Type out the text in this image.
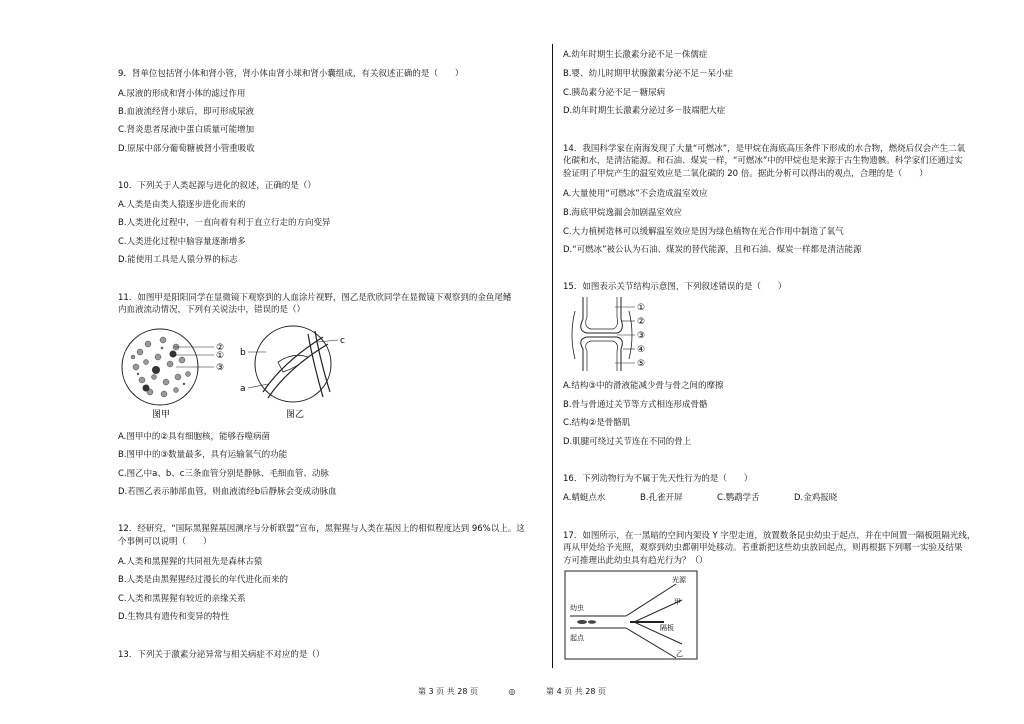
9．肾单位包括肾小体和肾小管，肾小体由肾小球和肾小囊组成，有关叙述正确的是（　　）
A.尿液的形成和肾小体的滤过作用
B.血液流经肾小球后，即可形成尿液
C.肾炎患者尿液中蛋白质量可能增加
D.原尿中部分葡萄糖被肾小管重吸收
10．下列关于人类起源与进化的叙述，正确的是（）
A.人类是由类人猿逐步进化而来的
B.人类进化过程中，一直向着有利于直立行走的方向变异
C.人类进化过程中脑容量逐渐增多
D.能使用工具是人猿分界的标志
11．如图甲是阳阳同学在显微镜下观察到的人血涂片视野，图乙是欣欣同学在显微镜下观察到的金鱼尾鳍
内血液流动情况，下列有关说法中，错误的是（）
②
①
③
图甲
b
a
c
图乙
A.图甲中的②具有细胞核，能够吞噬病菌
B.图甲中的③数量最多，具有运输氧气的功能
C.图乙中a、b、c三条血管分别是静脉、毛细血管、动脉
D.若图乙表示肺部血管，则血液流经b后静脉会变成动脉血
12．经研究，“国际黑猩猩基因测序与分析联盟”宣布，黑猩猩与人类在基因上的相似程度达到 96%以上。这
个事例可以说明（　　）
A.人类和黑猩猩的共同祖先是森林古猿
B.人类是由黑猩猩经过漫长的年代进化而来的
C.人类和黑猩猩有较近的亲缘关系
D.生物具有遗传和变异的特性
13．下列关于激素分泌异常与相关病症不对应的是（）
A.幼年时期生长激素分泌不足－侏儒症
B.婴、幼儿时期甲状腺激素分泌不足－呆小症
C.胰岛素分泌不足－糖尿病
D.幼年时期生长激素分泌过多－肢端肥大症
14．我国科学家在南海发现了大量“可燃冰”，是甲烷在海底高压条件下形成的水合物，燃烧后仅会产生二氧
化碳和水，是清洁能源。和石油、煤炭一样，“可燃冰”中的甲烷也是来源于古生物遗骸。科学家们还通过实
验证明了甲烷产生的温室效应是二氧化碳的 20 倍。据此分析可以得出的观点，合理的是（　　）
A.大量使用“可燃冰”不会造成温室效应
B.海底甲烷逸漏会加剧温室效应
C.大力植树造林可以缓解温室效应是因为绿色植物在光合作用中制造了氧气
D.“可燃冰”被公认为石油、煤炭的替代能源，且和石油、煤炭一样都是清洁能源
15．如图表示关节结构示意图，下列叙述错误的是（　　）
①
②
③
④
⑤
A.结构③中的滑液能减少骨与骨之间的摩擦
B.骨与骨通过关节等方式相连形成骨骼
C.结构②是骨骼肌
D.肌腱可绕过关节连在不同的骨上
16．下列动物行为不属于先天性行为的是（　　）
A.蜻蜓点水	B.孔雀开屏	C.鹦鹉学舌	D.金鸡报晓
17．如图所示，在一黑暗的空间内架设 Y 字型走道，放置数条昆虫幼虫于起点，并在中间置一隔板阻隔光线，
再从甲处给予光照，观察到幼虫都朝甲处移动。若重新把这些幼虫放回起点，则再根据下列哪一实验及结果
方可推理出此幼虫具有趋光行为？（）
幼虫
起点
光源
甲
隔板
乙
第 3 页 共 28 页	◎	第 4 页 共 28 页
